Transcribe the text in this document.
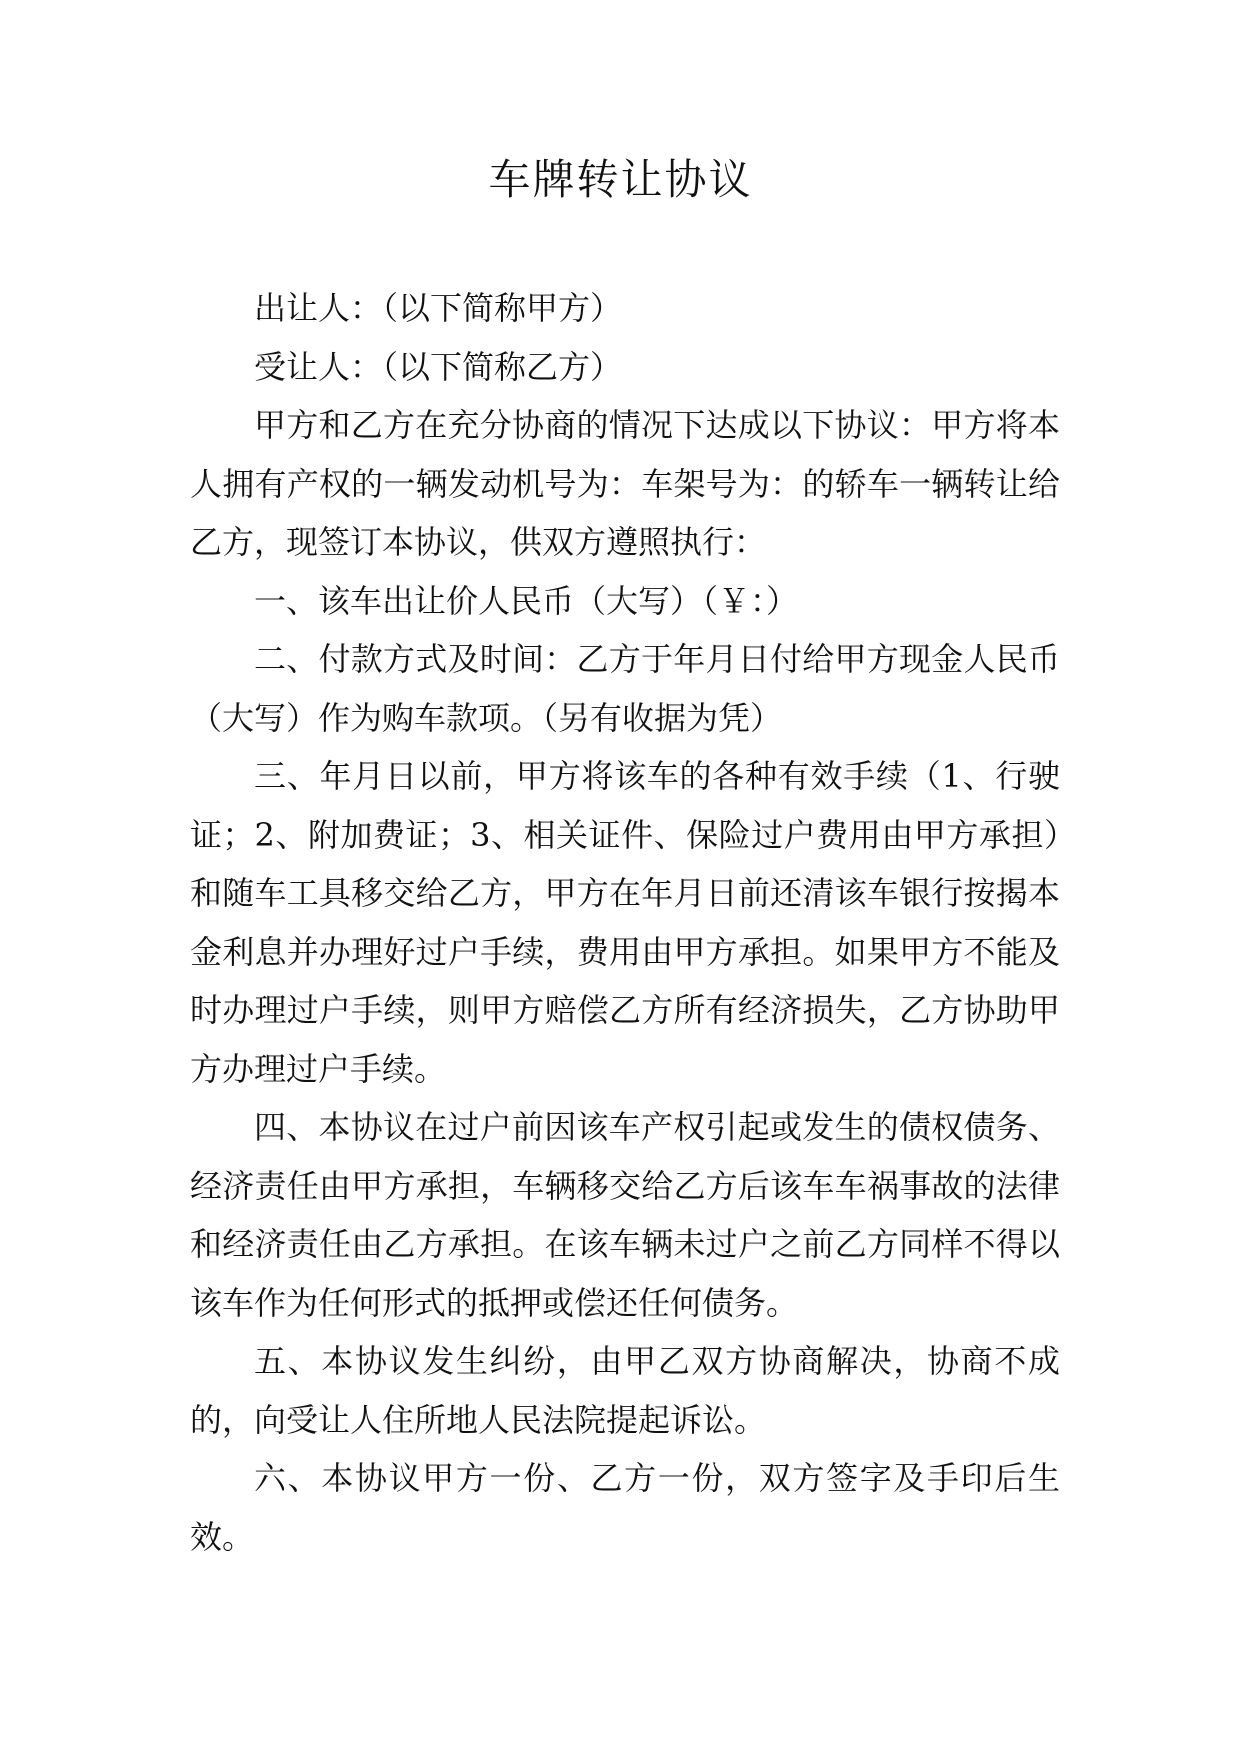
车牌转让协议

出让人：（以下简称甲方）

受让人：（以下简称乙方）

甲方和乙方在充分协商的情况下达成以下协议：甲方将本人拥有产权的一辆发动机号为：车架号为：的轿车一辆转让给乙方，现签订本协议，供双方遵照执行：

一、该车出让价人民币（大写）（￥：）

二、付款方式及时间：乙方于年月日付给甲方现金人民币（大写）作为购车款项。（另有收据为凭）

三、年月日以前，甲方将该车的各种有效手续（1、行驶证；2、附加费证；3、相关证件、保险过户费用由甲方承担）和随车工具移交给乙方，甲方在年月日前还清该车银行按揭本金利息并办理好过户手续，费用由甲方承担。如果甲方不能及时办理过户手续，则甲方赔偿乙方所有经济损失，乙方协助甲方办理过户手续。

四、本协议在过户前因该车产权引起或发生的债权债务、经济责任由甲方承担，车辆移交给乙方后该车车祸事故的法律和经济责任由乙方承担。在该车辆未过户之前乙方同样不得以该车作为任何形式的抵押或偿还任何债务。

五、本协议发生纠纷，由甲乙双方协商解决，协商不成的，向受让人住所地人民法院提起诉讼。

六、本协议甲方一份、乙方一份，双方签字及手印后生效。
